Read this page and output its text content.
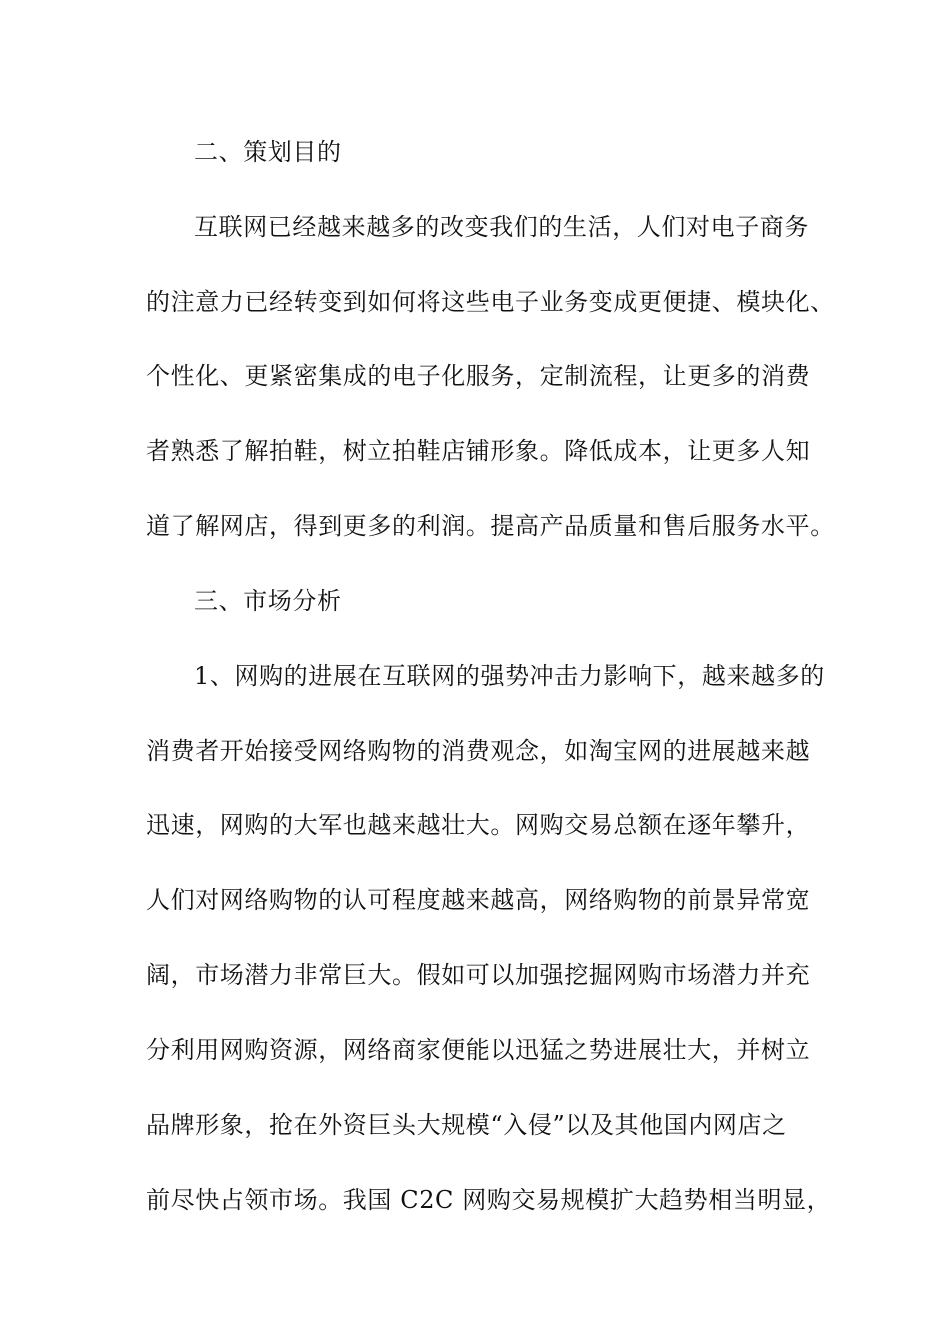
二、策划目的
互联网已经越来越多的改变我们的生活，人们对电子商务
的注意力已经转变到如何将这些电子业务变成更便捷、模块化、
个性化、更紧密集成的电子化服务，定制流程，让更多的消费
者熟悉了解拍鞋，树立拍鞋店铺形象。降低成本，让更多人知
道了解网店，得到更多的利润。提高产品质量和售后服务水平。
三、市场分析
1、网购的进展在互联网的强势冲击力影响下，越来越多的
消费者开始接受网络购物的消费观念，如淘宝网的进展越来越
迅速，网购的大军也越来越壮大。网购交易总额在逐年攀升，
人们对网络购物的认可程度越来越高，网络购物的前景异常宽
阔，市场潜力非常巨大。假如可以加强挖掘网购市场潜力并充
分利用网购资源，网络商家便能以迅猛之势进展壮大，并树立
品牌形象，抢在外资巨头大规模“入侵”以及其他国内网店之
前尽快占领市场。我国 C2C 网购交易规模扩大趋势相当明显，
